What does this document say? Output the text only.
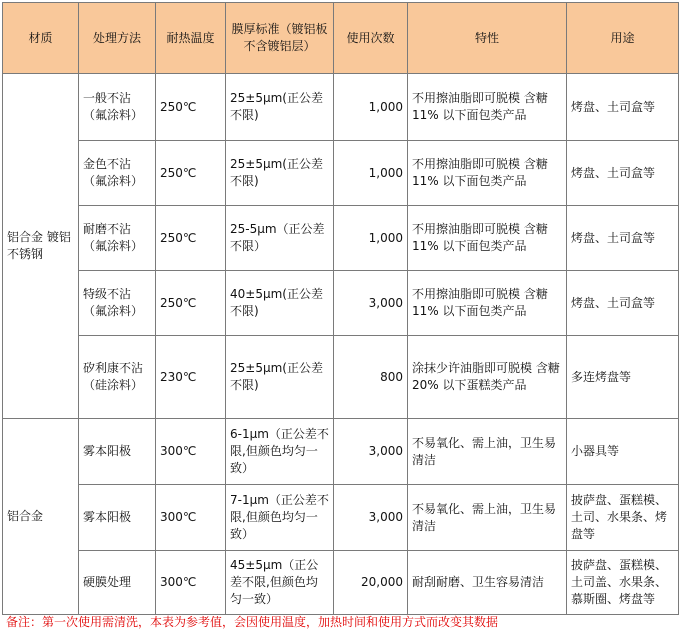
材质	处理方法	耐热温度	膜厚标准（镀铝板不含镀铝层）	使用次数	特性	用途
铝合金 镀铝 不锈钢	一般不沾（氟涂料）	250℃	25±5μm(正公差不限)	1,000	不用擦油脂即可脱模 含糖 11% 以下面包类产品	烤盘、土司盒等
	金色不沾（氟涂料）	250℃	25±5μm(正公差不限)	1,000	不用擦油脂即可脱模 含糖 11% 以下面包类产品	烤盘、土司盒等
	耐磨不沾（氟涂料）	250℃	25-5μm（正公差不限）	1,000	不用擦油脂即可脱模 含糖 11% 以下面包类产品	烤盘、土司盒等
	特级不沾（氟涂料）	250℃	40±5μm(正公差不限)	3,000	不用擦油脂即可脱模 含糖 11% 以下面包类产品	烤盘、土司盒等
	矽利康不沾（硅涂料）	230℃	25±5μm(正公差不限)	800	涂抹少许油脂即可脱模 含糖 20% 以下蛋糕类产品	多连烤盘等
铝合金	雾本阳极	300℃	6-1μm（正公差不限,但颜色均匀一致）	3,000	不易氧化、需上油，卫生易清洁	小器具等
	雾本阳极	300℃	7-1μm（正公差不限,但颜色均匀一致）	3,000	不易氧化、需上油，卫生易清洁	披萨盘、蛋糕模、土司、水果条、烤盘等
	硬膜处理	300℃	45±5μm（正公差不限,但颜色均匀一致）	20,000	耐刮耐磨、卫生容易清洁	披萨盘、蛋糕模、土司盖、水果条、慕斯圈、烤盘等
备注：第一次使用需清洗，本表为参考值，会因使用温度，加热时间和使用方式而改变其数据
